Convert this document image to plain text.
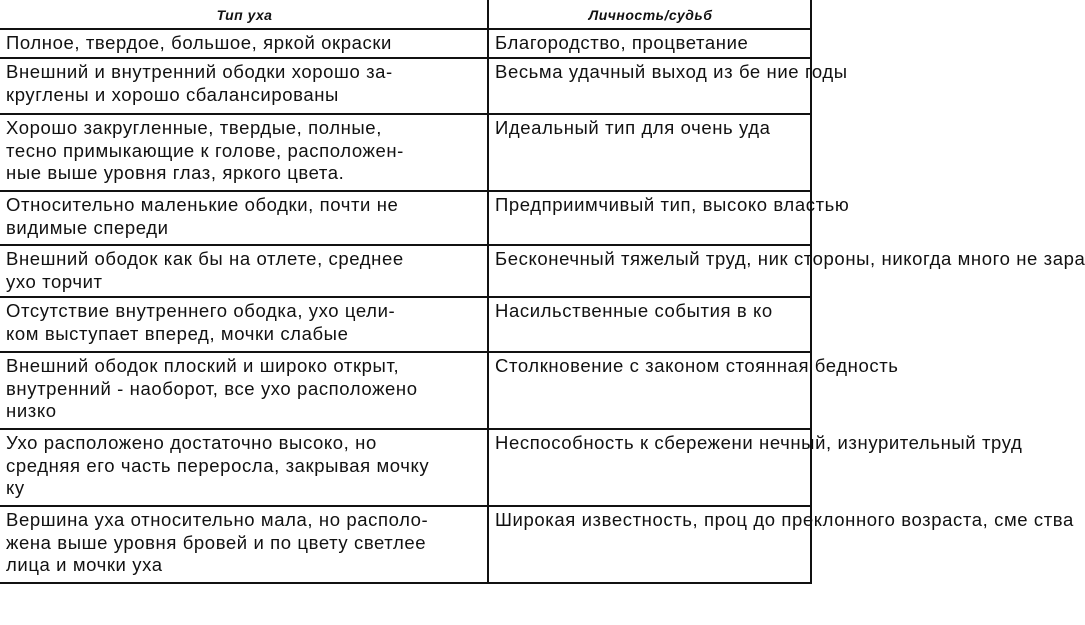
Тип уха	Личность/судьб
Полное, твердое, большое, яркой окраски	Благородство, процветание
Внешний и внутренний ободки хорошо за-
круглены и хорошо сбалансированы	Весьма удачный выход из бе ние годы
Хорошо закругленные, твердые, полные,
тесно примыкающие к голове, расположен-
ные выше уровня глаз, яркого цвета.	Идеальный тип для очень уда
Относительно маленькие ободки, почти не
видимые спереди	Предприимчивый тип, высоко властью
Внешний ободок как бы на отлете, среднее
ухо торчит	Бесконечный тяжелый труд, ник стороны, никогда много не зара
Отсутствие внутреннего ободка, ухо цели-
ком выступает вперед, мочки слабые	Насильственные события в ко
Внешний ободок плоский и широко открыт,
внутренний - наоборот, все ухо расположено
низко	Столкновение с законом стоянная бедность
Ухо расположено достаточно высоко, но
средняя его часть переросла, закрывая мочку
ку	Неспособность к сбережени нечный, изнурительный труд
Вершина уха относительно мала, но располо-
жена выше уровня бровей и по цвету светлее
лица и мочки уха	Широкая известность, проц до преклонного возраста, сме ства
